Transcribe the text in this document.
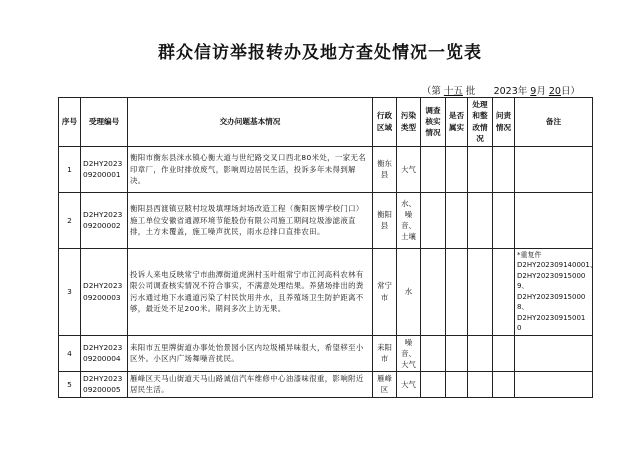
群众信访举报转办及地方查处情况一览表
（第 十五 批 2023年 9月 20日）
序号	受理编号	交办问题基本情况	行政区域	污染类型	调查核实情况	是否属实	处理和整改情况	问责情况	备注
1	D2HY2023 09200001	衡阳市衡东县洣水镇心衡大道与世纪路交叉口西北80米处，一家无名印章厂，作业时排放废气，影响周边居民生活，投诉多年未得到解决。	衡东县	大气					
2	D2HY2023 09200002	衡阳县西渡镇豆陂村垃圾填埋场封场改造工程（衡阳医博学校门口）施工单位安徽省通源环境节能股份有限公司施工期间垃圾渗滤液直排，土方未覆盖，施工噪声扰民，雨水总排口直排农田。	衡阳县	水、噪音、土壤					
3	D2HY2023 09200003	投诉人来电反映常宁市曲潭街道虎洲村玉叶组常宁市江河高科农林有限公司调查核实情况不符合事实，不满意处理结果。养猪场排出的粪污水通过地下水通道污染了村民饮用井水，且养殖场卫生防护距离不够，最近处不足200米。期间多次上访无果。	常宁市	水					*重复件 D2HY202309140001、D2HY20230915000 9、D2HY20230915000 8、D2HY20230915001 0
4	D2HY2023 09200004	耒阳市五里牌街道办事处怡景园小区内垃圾桶异味很大，希望移至小区外。小区内广场舞噪音扰民。	耒阳市	噪音、大气					
5	D2HY2023 09200005	雁峰区天马山街道天马山路诚信汽车维修中心油漆味很重，影响附近居民生活。	雁峰区	大气					
